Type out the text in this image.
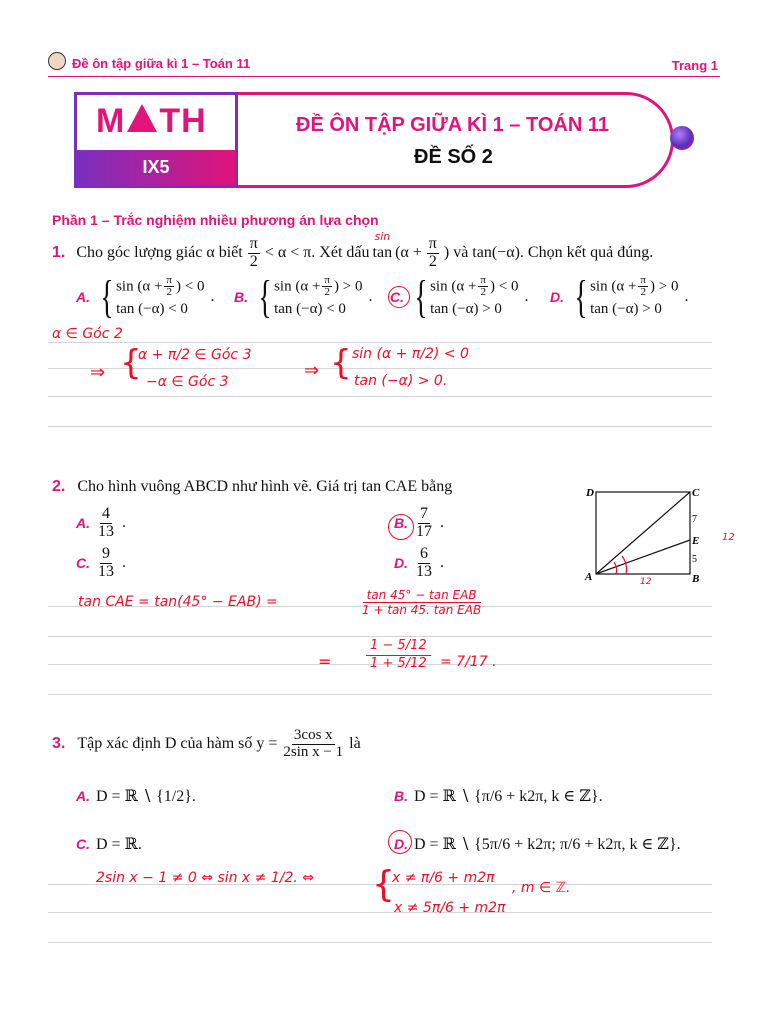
Đề ôn tập giữa kì 1 – Toán 11	Trang 1
M TH
IX5
ĐỀ ÔN TẬP GIỮA KÌ 1 – TOÁN 11
ĐỀ SỐ 2
Phần 1 – Trắc nghiệm nhiều phương án lựa chọn
1. Cho góc lượng giác α biết
π
2 < α < π. Xét dấu tan
sin
($\alpha + \frac{\pi}{2}$ ) và tan(−α). Chọn kết quả đúng.
A. { $\sin (\alpha + \frac{\pi}{2}$ ) < 0
tan (−α) < 0
. B. { $\sin (\alpha + \frac{\pi}{2}$ ) > 0
tan (−α) < 0
. C. { $\sin (\alpha + \frac{\pi}{2}$ ) < 0
tan (−α) > 0
. D. { $\sin (\alpha + \frac{\pi}{2}$ ) > 0
tan (−α) > 0
.
α ∈ Góc 2
⇒ {
α + π/2 ∈ Góc 3
−α ∈ Góc 3
⇒ { sin (α + π/2) < 0
tan (−α) > 0.
2. Cho hình vuông ABCD như hình vẽ. Giá trị tan CAE bằng
A.
4
13 .	B.
7
17 .
C.
9
13 .	D.
6
13 .
D	C
A	B
E
7
5
12
12
tan CAE = tan(45° − EAB) =	tan 45° − tan EAB
1 + tan 45. tan EAB
=
1 − 5/12
1 + 5/12 = 7/17 .
3. Tập xác định D của hàm số $y = \frac{\text{3cos x}}{\text{2sin x − 1}}$ là
A. D = ℝ ∖ {1/2}.	B. D = ℝ ∖ {π/6 + k2π, k ∈ ℤ}.
C. D = ℝ.	D. D = ℝ ∖ {5π/6 + k2π; π/6 + k2π, k ∈ ℤ}.
2sin x − 1 ≠ 0 ⇔ sin x ≠ 1/2. ⇔ {
x ≠ π/6 + m2π
x ≠ 5π/6 + m2π
, m ∈ ℤ.
